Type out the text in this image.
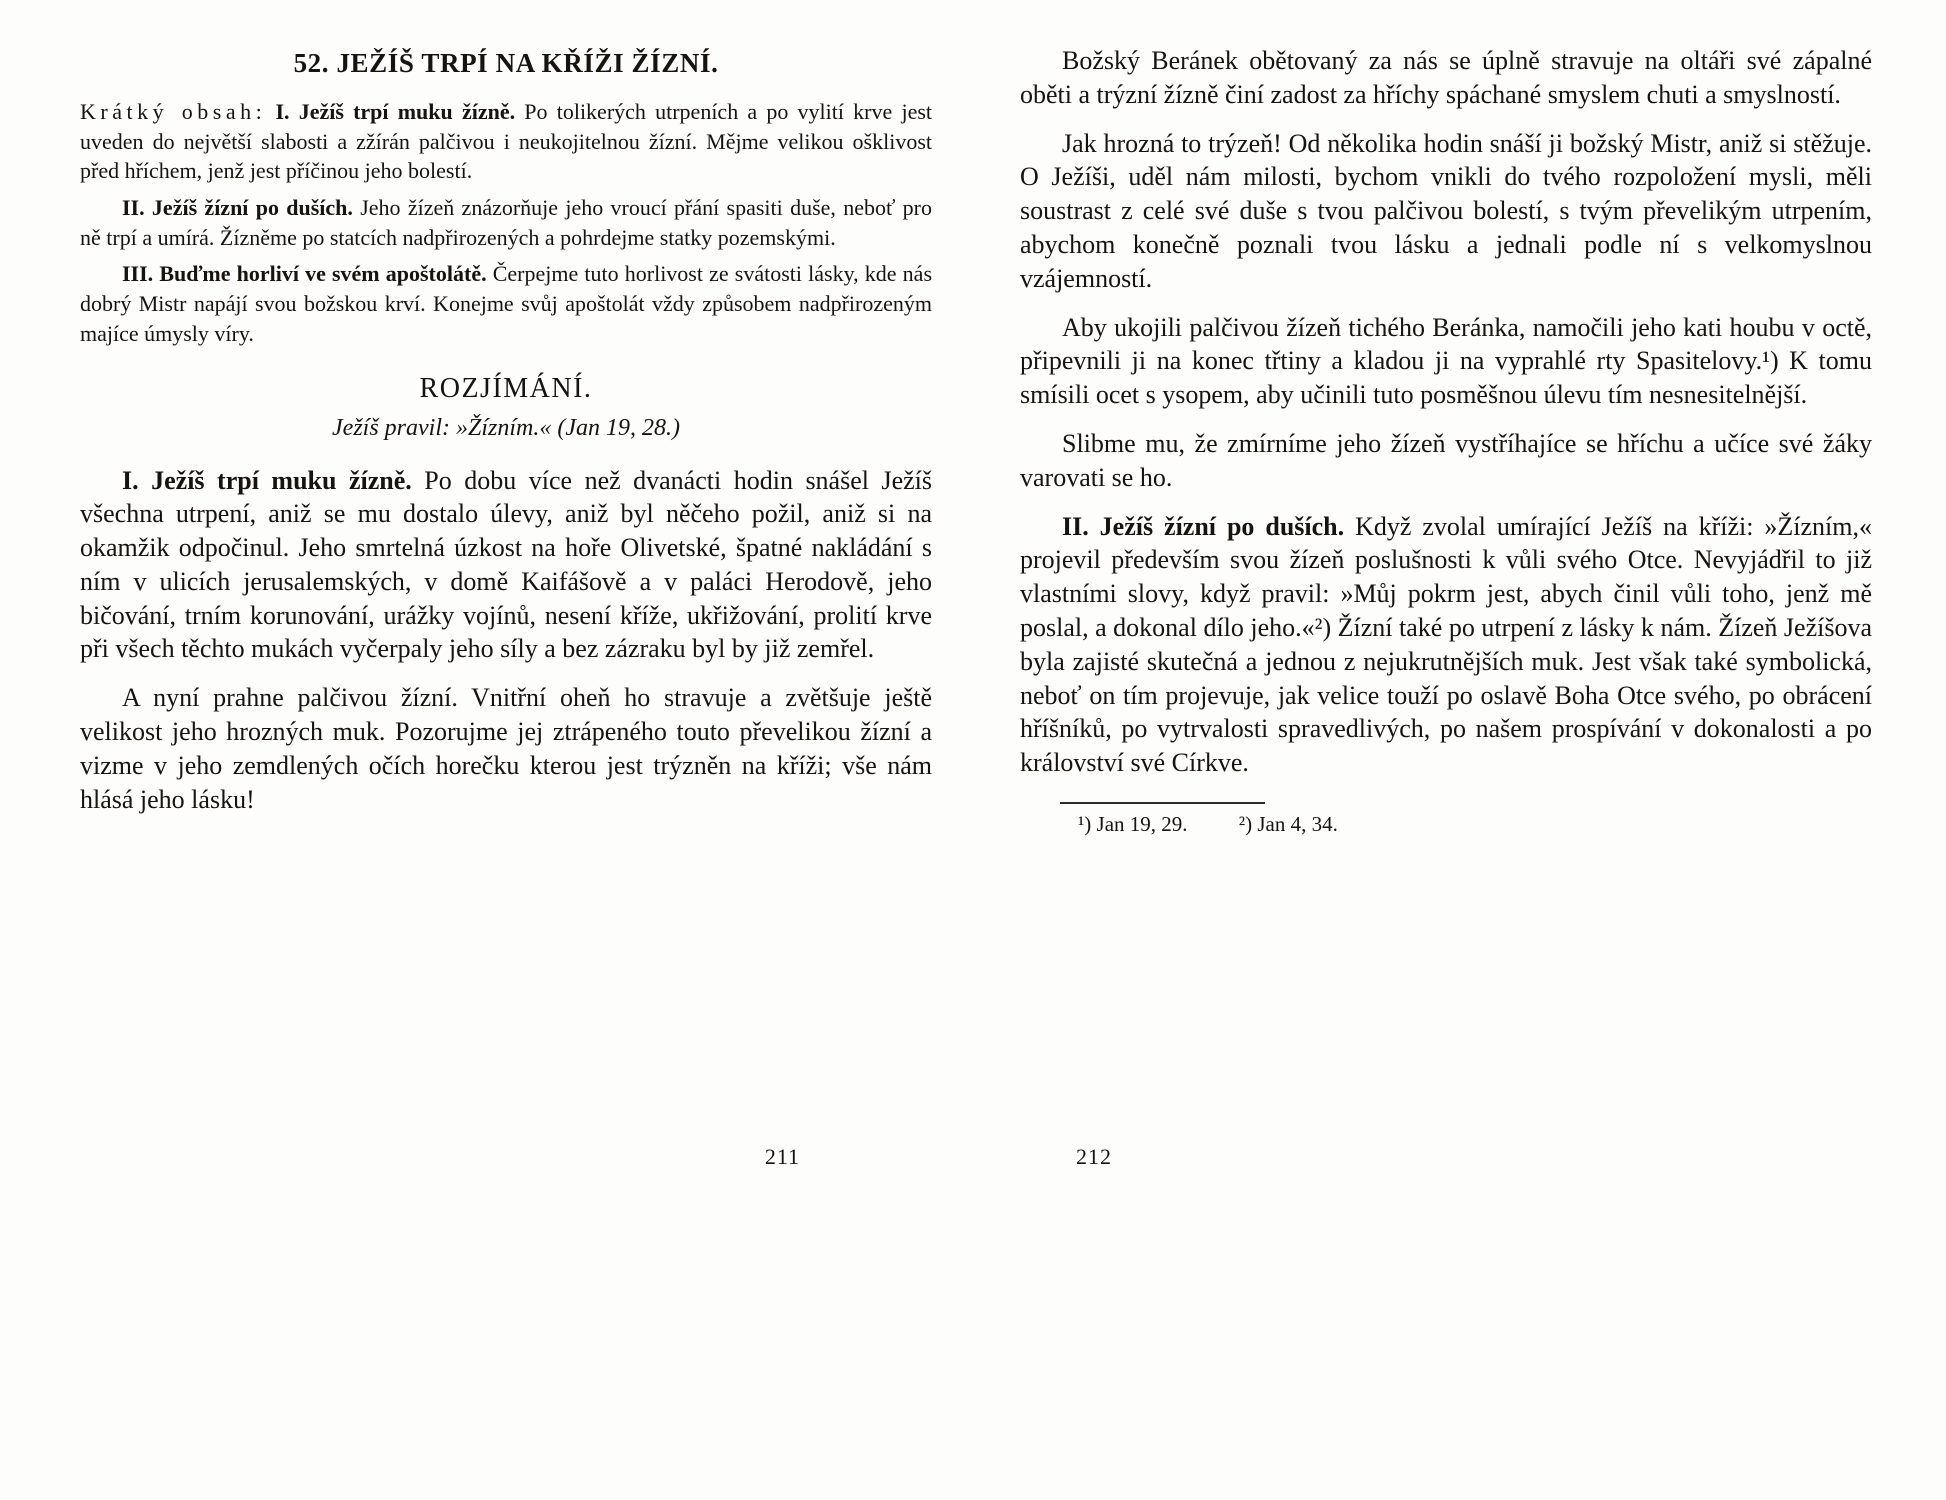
52. JEŽÍŠ TRPÍ NA KŘÍŽI ŽÍZNÍ.

Krátký obsah: I. Ježíš trpí muku žízně. Po tolikerých utrpeních a po vylití krve jest uveden do největší slabosti a zžírán palčivou i neukojitelnou žízní. Mějme velikou ošklivost před hříchem, jenž jest příčinou jeho bolestí.

II. Ježíš žízní po duších. Jeho žízeň znázorňuje jeho vroucí přání spasiti duše, neboť pro ně trpí a umírá. Žízněme po statcích nadpřirozených a pohrdejme statky pozemskými.

III. Buďme horliví ve svém apoštolátě. Čerpejme tuto horlivost ze svátosti lásky, kde nás dobrý Mistr napájí svou božskou krví. Konejme svůj apoštolát vždy způsobem nadpřirozeným majíce úmysly víry.

ROZJÍMÁNÍ.

Ježíš pravil: »Žízním.« (Jan 19, 28.)

I. Ježíš trpí muku žízně. Po dobu více než dvanácti hodin snášel Ježíš všechna utrpení, aniž se mu dostalo úlevy, aniž byl něčeho požil, aniž si na okamžik odpočinul. Jeho smrtelná úzkost na hoře Olivetské, špatné nakládání s ním v ulicích jerusalemských, v domě Kaifášově a v paláci Herodově, jeho bičování, trním korunování, urážky vojínů, nesení kříže, ukřižování, prolití krve při všech těchto mukách vyčerpaly jeho síly a bez zázraku byl by již zemřel.

A nyní prahne palčivou žízní. Vnitřní oheň ho stravuje a zvětšuje ještě velikost jeho hrozných muk. Pozorujme jej ztrápeného touto převelikou žízní a vizme v jeho zemdlených očích horečku kterou jest trýzněn na kříži; vše nám hlásá jeho lásku!

211

Božský Beránek obětovaný za nás se úplně stravuje na oltáři své zápalné oběti a trýzní žízně činí zadost za hříchy spáchané smyslem chuti a smyslností.

Jak hrozná to trýzeň! Od několika hodin snáší ji božský Mistr, aniž si stěžuje. O Ježíši, uděl nám milosti, bychom vnikli do tvého rozpoložení mysli, měli soustrast z celé své duše s tvou palčivou bolestí, s tvým převelikým utrpením, abychom konečně poznali tvou lásku a jednali podle ní s velkomyslnou vzájemností.

Aby ukojili palčivou žízeň tichého Beránka, namočili jeho kati houbu v octě, připevnili ji na konec třtiny a kladou ji na vyprahlé rty Spasitelovy.¹) K tomu smísili ocet s ysopem, aby učinili tuto posměšnou úlevu tím nesnesitelnější.

Slibme mu, že zmírníme jeho žízeň vystříhajíce se hříchu a učíce své žáky varovati se ho.

II. Ježíš žízní po duších. Když zvolal umírající Ježíš na kříži: »Žízním,« projevil především svou žízeň poslušnosti k vůli svého Otce. Nevyjádřil to již vlastními slovy, když pravil: »Můj pokrm jest, abych činil vůli toho, jenž mě poslal, a dokonal dílo jeho.«²) Žízní také po utrpení z lásky k nám. Žízeň Ježíšova byla zajisté skutečná a jednou z nejukrutnějších muk. Jest však také symbolická, neboť on tím projevuje, jak velice touží po oslavě Boha Otce svého, po obrácení hříšníků, po vytrvalosti spravedlivých, po našem prospívání v dokonalosti a po království své Církve.

¹) Jan 19, 29. ²) Jan 4, 34.

212
